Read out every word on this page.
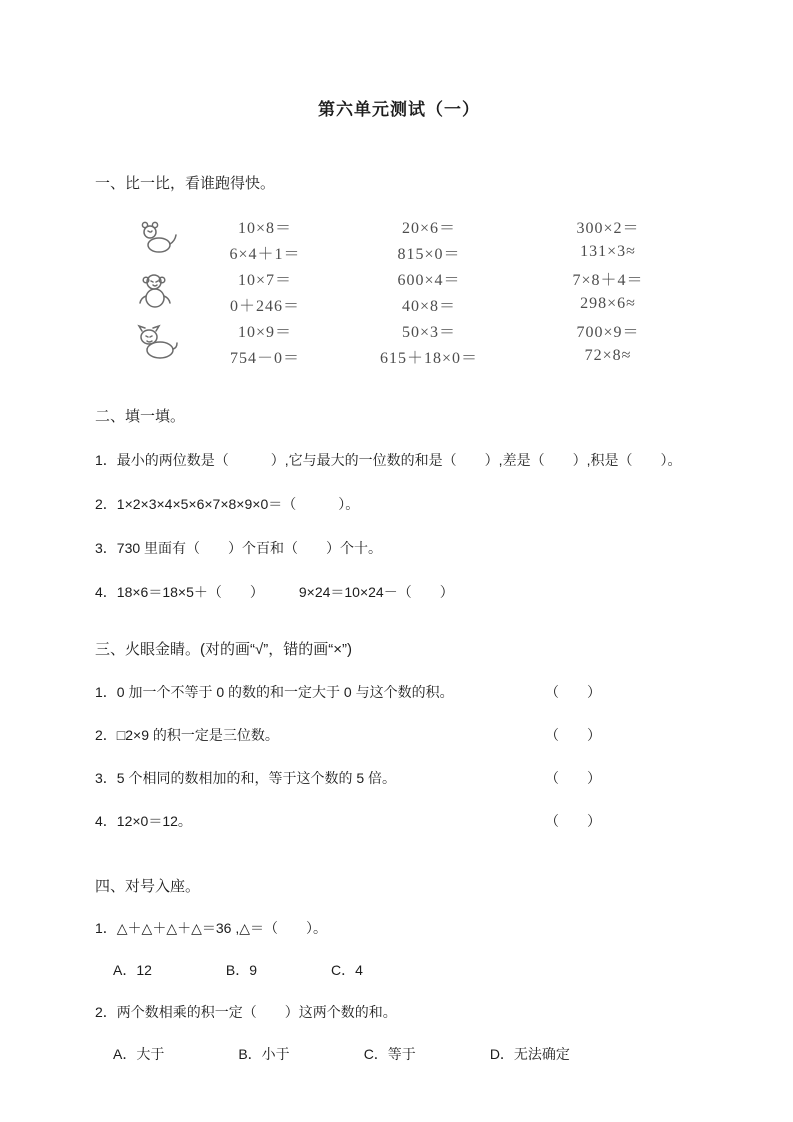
第六单元测试（一）

一、比一比，看谁跑得快。

10×8＝	20×6＝	300×2＝
6×4＋1＝	815×0＝	131×3≈
10×7＝	600×4＝	7×8＋4＝
0＋246＝	40×8＝	298×6≈
10×9＝	50×3＝	700×9＝
754－0＝	615＋18×0＝	72×8≈

二、填一填。

1．最小的两位数是（　　　）,它与最大的一位数的和是（　　）,差是（　　）,积是（　　）。

2．1×2×3×4×5×6×7×8×9×0＝（　　　）。

3．730 里面有（　　）个百和（　　）个十。

4．18×6＝18×5＋（　　）　　　9×24＝10×24－（　　）

三、火眼金睛。(对的画“√”，错的画“×”)

1．0 加一个不等于 0 的数的和一定大于 0 与这个数的积。	（　　）

2．□2×9 的积一定是三位数。	（　　）

3．5 个相同的数相加的和，等于这个数的 5 倍。	（　　）

4．12×0＝12。	（　　）

四、对号入座。

1．△＋△＋△＋△＝36 ,△＝（　　）。

A．12	B．9	C．4

2．两个数相乘的积一定（　　）这两个数的和。

A．大于	B．小于	C．等于	D．无法确定
